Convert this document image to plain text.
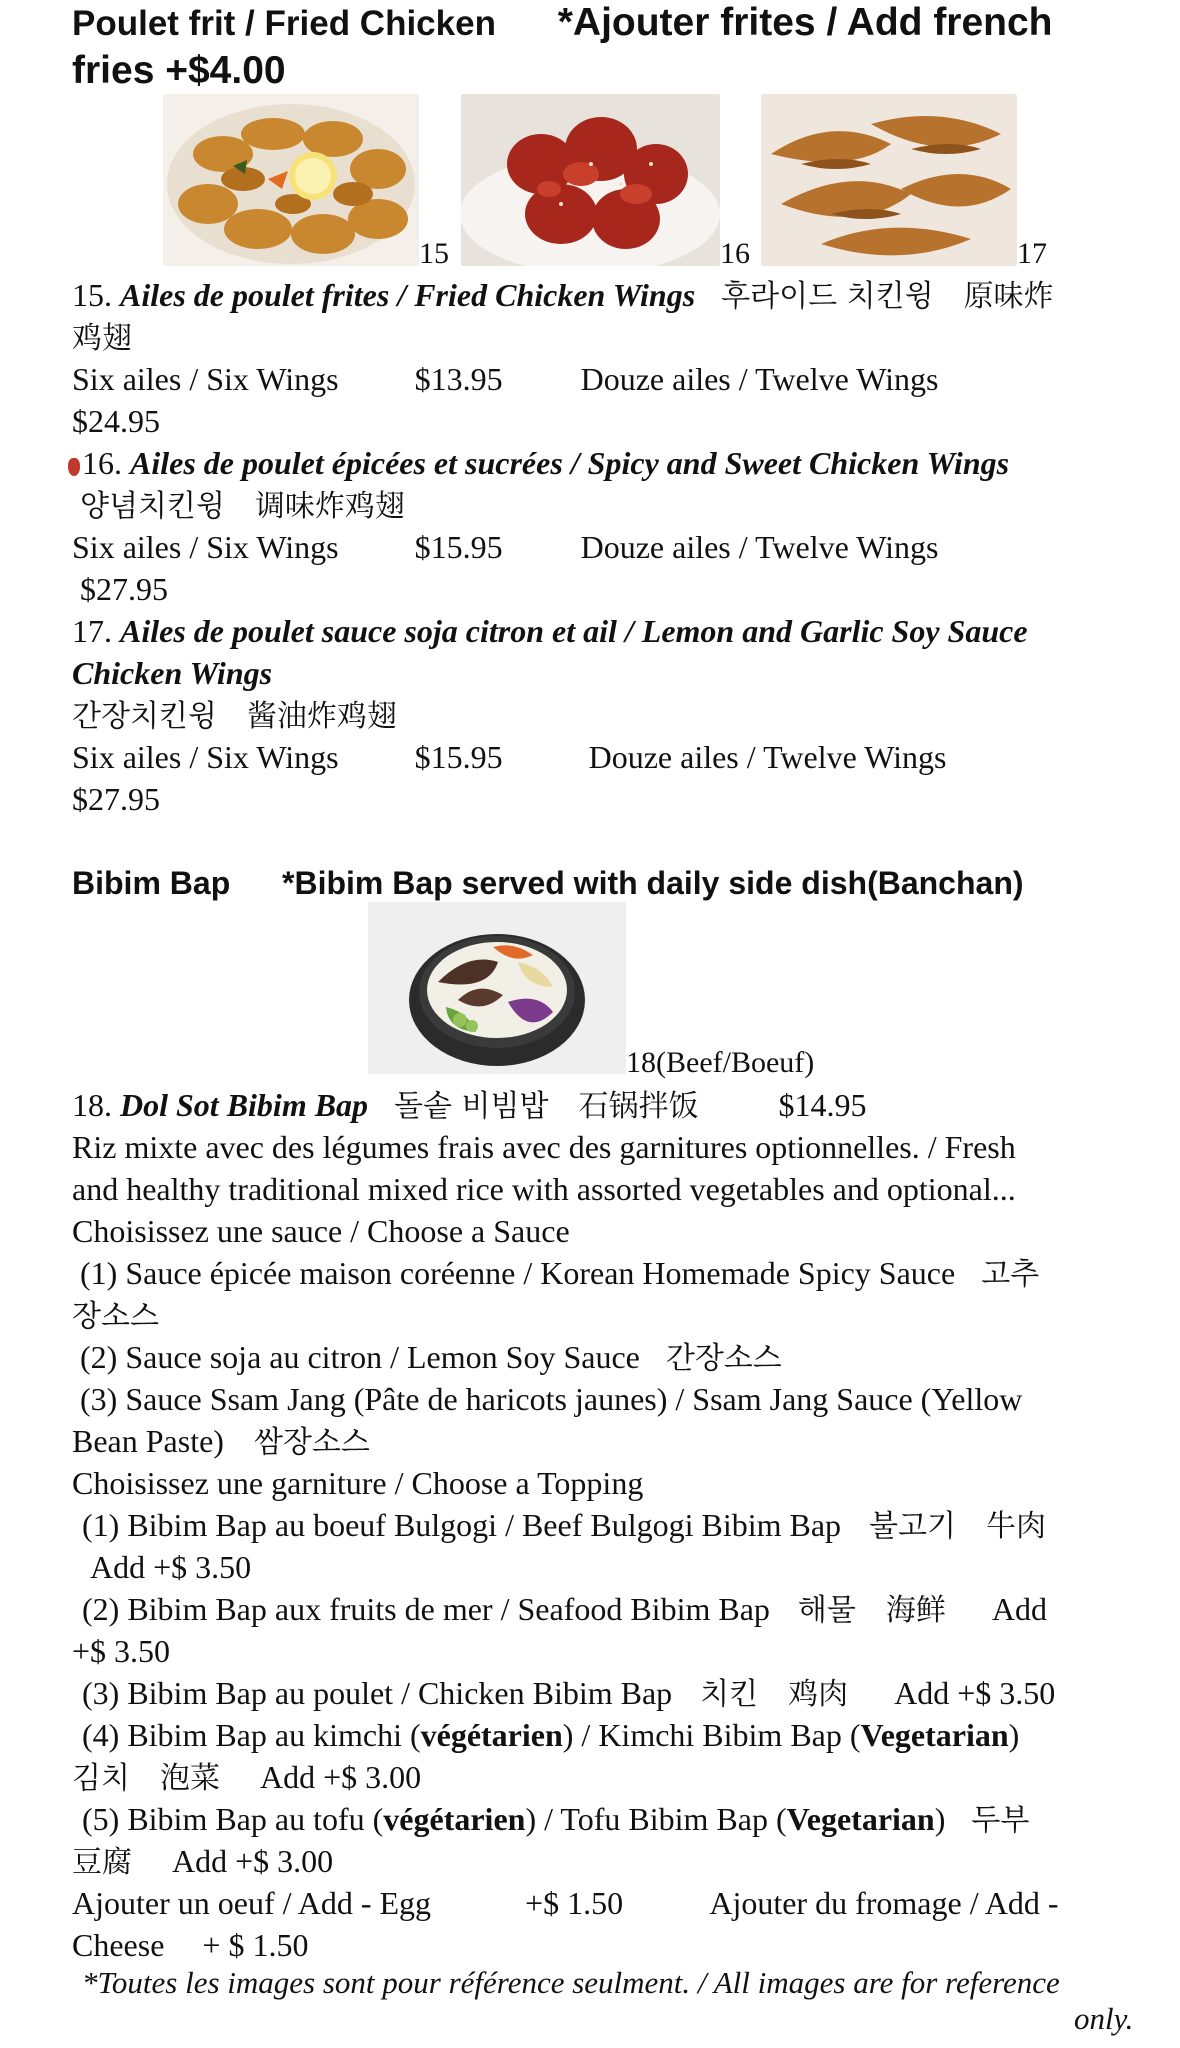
Poulet frit / Fried Chicken *Ajouter frites / Add french
fries +$4.00
15	16	17
15. Ailes de poulet frites / Fried Chicken Wings 후라이드 치킨윙 原味炸
鸡翅
Six ailes / Six Wings $13.95 Douze ailes / Twelve Wings
$24.95
16. Ailes de poulet épicées et sucrées / Spicy and Sweet Chicken Wings
양념치킨윙 调味炸鸡翅
Six ailes / Six Wings $15.95 Douze ailes / Twelve Wings
$27.95
17. Ailes de poulet sauce soja citron et ail / Lemon and Garlic Soy Sauce
Chicken Wings
간장치킨윙 酱油炸鸡翅
Six ailes / Six Wings $15.95	Douze ailes / Twelve Wings
$27.95
Bibim Bap *Bibim Bap served with daily side dish(Banchan)
18(Beef/Boeuf)
18. Dol Sot Bibim Bap 돌솥 비빔밥 石锅拌饭	$14.95
Riz mixte avec des légumes frais avec des garnitures optionnelles. / Fresh
and healthy traditional mixed rice with assorted vegetables and optional...
Choisissez une sauce / Choose a Sauce
(1) Sauce épicée maison coréenne / Korean Homemade Spicy Sauce 고추
장소스
(2) Sauce soja au citron / Lemon Soy Sauce 간장소스
(3) Sauce Ssam Jang (Pâte de haricots jaunes) / Ssam Jang Sauce (Yellow
Bean Paste) 쌈장소스
Choisissez une garniture / Choose a Topping
(1) Bibim Bap au boeuf Bulgogi / Beef Bulgogi Bibim Bap 불고기 牛肉
Add +$ 3.50
(2) Bibim Bap aux fruits de mer / Seafood Bibim Bap 해물 海鲜 Add
+$ 3.50
(3) Bibim Bap au poulet / Chicken Bibim Bap 치킨 鸡肉 Add +$ 3.50
(4) Bibim Bap au kimchi (végétarien) / Kimchi Bibim Bap (Vegetarian)
김치 泡菜 Add +$ 3.00
(5) Bibim Bap au tofu (végétarien) / Tofu Bibim Bap (Vegetarian) 두부
豆腐 Add +$ 3.00
Ajouter un oeuf / Add - Egg	+$ 1.50	Ajouter du fromage / Add -
Cheese + $ 1.50
*Toutes les images sont pour référence seulment. / All images are for reference
only.
